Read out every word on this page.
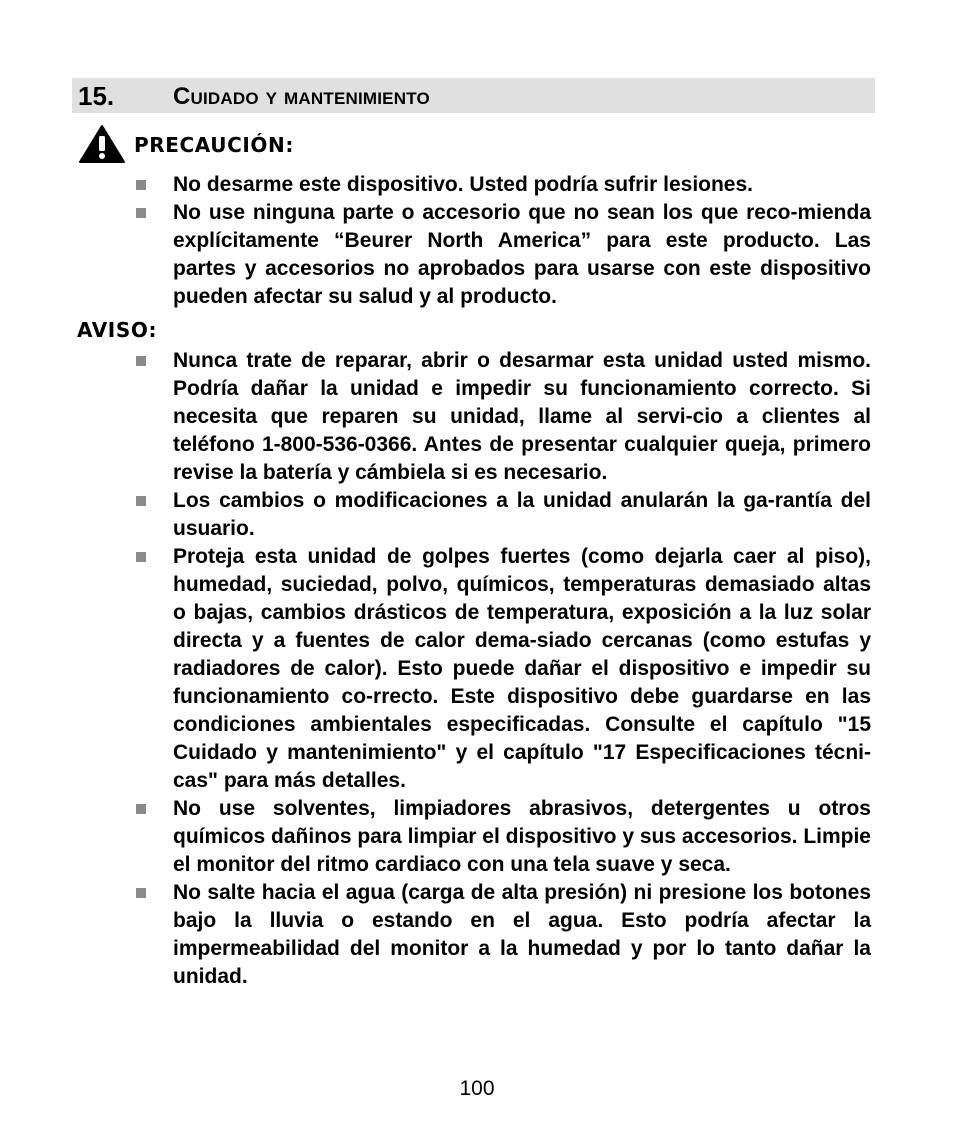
15. Cuidado y mantenimiento
PRECAUCIÓN:
No desarme este dispositivo. Usted podría sufrir lesiones.
No use ninguna parte o accesorio que no sean los que reco-mienda explícitamente “Beurer North America” para este producto. Las partes y accesorios no aprobados para usarse con este dispositivo pueden afectar su salud y al producto.
AVISO:
Nunca trate de reparar, abrir o desarmar esta unidad usted mismo. Podría dañar la unidad e impedir su funcionamiento correcto. Si necesita que reparen su unidad, llame al servi-cio a clientes al teléfono 1-800-536-0366. Antes de presentar cualquier queja, primero revise la batería y cámbiela si es necesario.
Los cambios o modificaciones a la unidad anularán la ga-rantía del usuario.
Proteja esta unidad de golpes fuertes (como dejarla caer al piso), humedad, suciedad, polvo, químicos, temperaturas demasiado altas o bajas, cambios drásticos de temperatura, exposición a la luz solar directa y a fuentes de calor dema-siado cercanas (como estufas y radiadores de calor). Esto puede dañar el dispositivo e impedir su funcionamiento co-rrecto. Este dispositivo debe guardarse en las condiciones ambientales especificadas. Consulte el capítulo "15 Cuidado y mantenimiento" y el capítulo "17 Especificaciones técni-cas" para más detalles.
No use solventes, limpiadores abrasivos, detergentes u otros químicos dañinos para limpiar el dispositivo y sus accesorios. Limpie el monitor del ritmo cardiaco con una tela suave y seca.
No salte hacia el agua (carga de alta presión) ni presione los botones bajo la lluvia o estando en el agua. Esto podría afectar la impermeabilidad del monitor a la humedad y por lo tanto dañar la unidad.
100
